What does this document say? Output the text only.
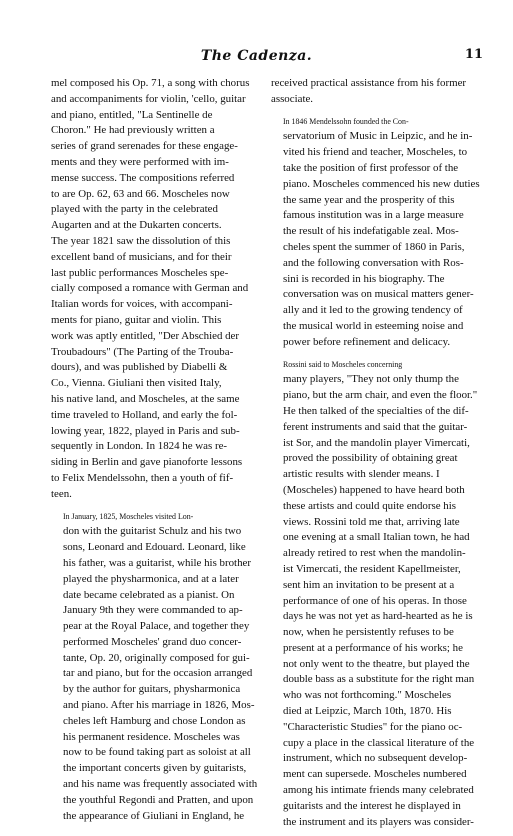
The Cadenza.	11

mel composed his Op. 71, a song with chorus
and accompaniments for violin, 'cello, guitar
and piano, entitled, "La Sentinelle de
Choron." He had previously written a
series of grand serenades for these engage-
ments and they were performed with im-
mense success. The compositions referred
to are Op. 62, 63 and 66. Moscheles now
played with the party in the celebrated
Augarten and at the Dukarten concerts.
The year 1821 saw the dissolution of this
excellent band of musicians, and for their
last public performances Moscheles spe-
cially composed a romance with German and
Italian words for voices, with accompani-
ments for piano, guitar and violin. This
work was aptly entitled, "Der Abschied der
Troubadours" (The Parting of the Trouba-
dours), and was published by Diabelli &
Co., Vienna. Giuliani then visited Italy,
his native land, and Moscheles, at the same
time traveled to Holland, and early the fol-
lowing year, 1822, played in Paris and sub-
sequently in London. In 1824 he was re-
siding in Berlin and gave pianoforte lessons
to Felix Mendelssohn, then a youth of fif-
teen.

In January, 1825, Moscheles visited Lon-
don with the guitarist Schulz and his two
sons, Leonard and Edouard. Leonard, like
his father, was a guitarist, while his brother
played the physharmonica, and at a later
date became celebrated as a pianist. On
January 9th they were commanded to ap-
pear at the Royal Palace, and together they
performed Moscheles' grand duo concer-
tante, Op. 20, originally composed for gui-
tar and piano, but for the occasion arranged
by the author for guitars, physharmonica
and piano. After his marriage in 1826, Mos-
cheles left Hamburg and chose London as
his permanent residence. Moscheles was
now to be found taking part as soloist at all
the important concerts given by guitarists,
and his name was frequently associated with
the youthful Regondi and Pratten, and upon
the appearance of Giuliani in England, he

received practical assistance from his former
associate.

In 1846 Mendelssohn founded the Con-
servatorium of Music in Leipzic, and he in-
vited his friend and teacher, Moscheles, to
take the position of first professor of the
piano. Moscheles commenced his new duties
the same year and the prosperity of this
famous institution was in a large measure
the result of his indefatigable zeal. Mos-
cheles spent the summer of 1860 in Paris,
and the following conversation with Ros-
sini is recorded in his biography. The
conversation was on musical matters gener-
ally and it led to the growing tendency of
the musical world in esteeming noise and
power before refinement and delicacy.

Rossini said to Moscheles concerning
many players, "They not only thump the
piano, but the arm chair, and even the floor."
He then talked of the specialties of the dif-
ferent instruments and said that the guitar-
ist Sor, and the mandolin player Vimercati,
proved the possibility of obtaining great
artistic results with slender means. I
(Moscheles) happened to have heard both
these artists and could quite endorse his
views. Rossini told me that, arriving late
one evening at a small Italian town, he had
already retired to rest when the mandolin-
ist Vimercati, the resident Kapellmeister,
sent him an invitation to be present at a
performance of one of his operas. In those
days he was not yet as hard-hearted as he is
now, when he persistently refuses to be
present at a performance of his works; he
not only went to the theatre, but played the
double bass as a substitute for the right man
who was not forthcoming." Moscheles
died at Leipzic, March 10th, 1870. His
"Characteristic Studies" for the piano oc-
cupy a place in the classical literature of the
instrument, which no subsequent develop-
ment can supersede. Moscheles numbered
among his intimate friends many celebrated
guitarists and the interest he displayed in
the instrument and its players was consider-
